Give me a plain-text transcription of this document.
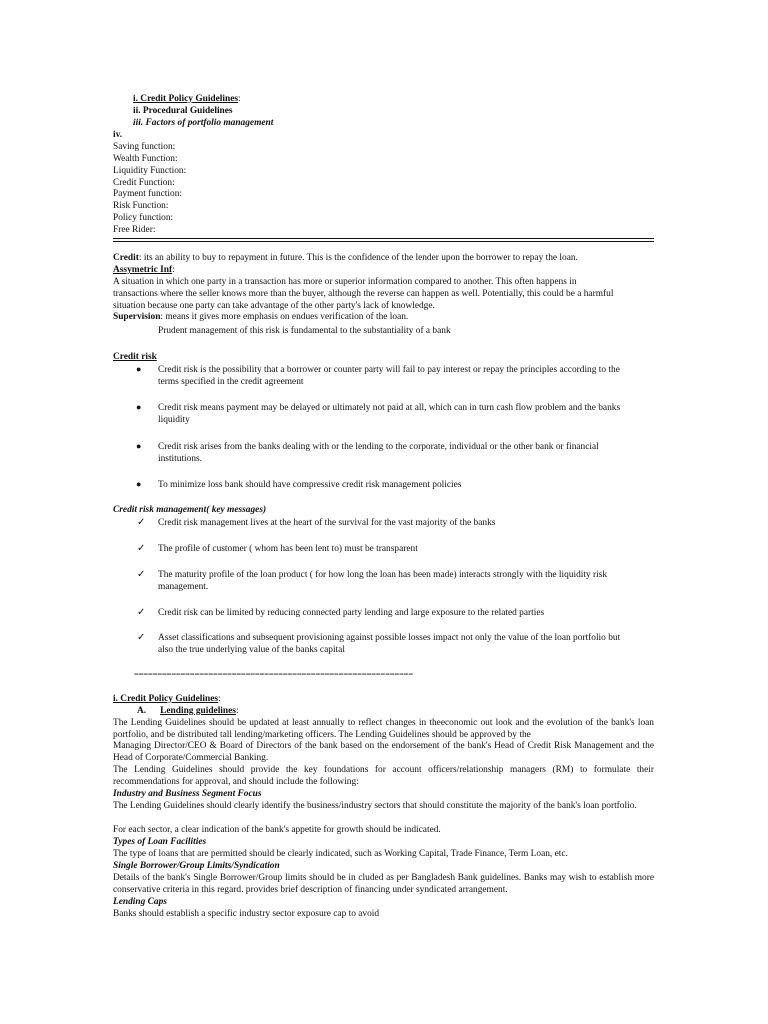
i. Credit Policy Guidelines:
ii. Procedural Guidelines
iii. Factors of portfolio management
iv.
Saving function:
Wealth Function:
Liquidity Function:
Credit Function:
Payment function:
Risk Function:
Policy function:
Free Rider:
Credit: its an ability to buy to repayment in future. This is the confidence of the lender upon the borrower to repay the loan.
Assymetric Inf:
A situation in which one party in a transaction has more or superior information compared to another. This often happens in
transactions where the seller knows more than the buyer, although the reverse can happen as well. Potentially, this could be a harmful
situation because one party can take advantage of the other party's lack of knowledge.
Supervision: means it gives more emphasis on endues verification of the loan.
Prudent management of this risk is fundamental to the substantiality of a bank
Credit risk
● Credit risk is the possibility that a borrower or counter party will fail to pay interest or repay the principles according to the
terms specified in the credit agreement
● Credit risk means payment may be delayed or ultimately not paid at all, which can in turn cash flow problem and the banks
liquidity
● Credit risk arises from the banks dealing with or the lending to the corporate, individual or the other bank or financial
institutions.
● To minimize loss bank should have compressive credit risk management policies
Credit risk management( key messages)
✓ Credit risk management lives at the heart of the survival for the vast majority of the banks
✓ The profile of customer ( whom has been lent to) must be transparent
✓ The maturity profile of the loan product ( for how long the loan has been made) interacts strongly with the liquidity risk
management.
✓ Credit risk can be limited by reducing connected party lending and large exposure to the related parties
✓ Asset classifications and subsequent provisioning against possible losses impact not only the value of the loan portfolio but
also the true underlying value of the banks capital
============================================================
i. Credit Policy Guidelines:
A. Lending guidelines:
The Lending Guidelines should be updated at least annually to reflect changes in theeconomic out look and the evolution of the bank's loan portfolio, and be distributed tall lending/marketing officers. The Lending Guidelines should be approved by the
Managing Director/CEO & Board of Directors of the bank based on the endorsement of the bank's Head of Credit Risk Management and the Head of Corporate/Commercial Banking.
The Lending Guidelines should provide the key foundations for account officers/relationship managers (RM) to formulate their recommendations for approval, and should include the following:
Industry and Business Segment Focus
The Lending Guidelines should clearly identify the business/industry sectors that should constitute the majority of the bank's loan portfolio.
For each sector, a clear indication of the bank's appetite for growth should be indicated.
Types of Loan Facilities
The type of loans that are permitted should be clearly indicated, such as Working Capital, Trade Finance, Term Loan, etc.
Single Borrower/Group Limits/Syndication
Details of the bank's Single Borrower/Group limits should be in cluded as per Bangladesh Bank guidelines. Banks may wish to establish more conservative criteria in this regard. provides brief description of financing under syndicated arrangement.
Lending Caps
Banks should establish a specific industry sector exposure cap to avoid
